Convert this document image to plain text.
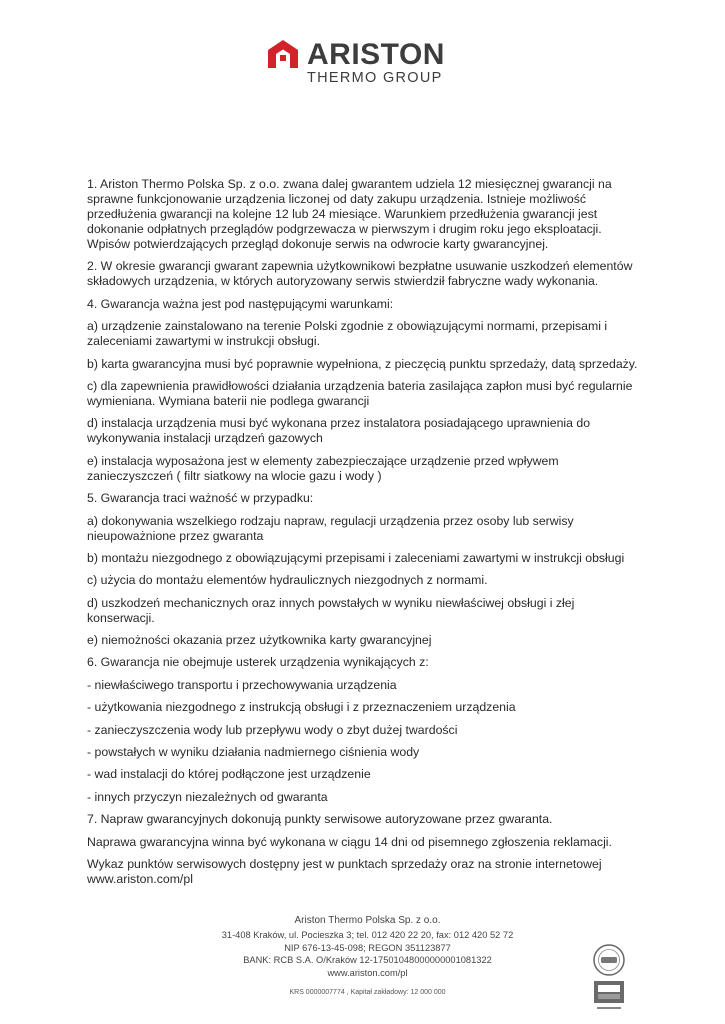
ARISTON
THERMO GROUP

1. Ariston Thermo Polska Sp. z o.o. zwana dalej gwarantem udziela 12 miesięcznej gwarancji na sprawne funkcjonowanie urządzenia liczonej od daty zakupu urządzenia. Istnieje możliwość przedłużenia gwarancji na kolejne 12 lub 24 miesiące. Warunkiem przedłużenia gwarancji jest dokonanie odpłatnych przeglądów podgrzewacza w pierwszym i drugim roku jego eksploatacji. Wpisów potwierdzających przegląd dokonuje serwis na odwrocie karty gwarancyjnej.

2. W okresie gwarancji gwarant zapewnia użytkownikowi bezpłatne usuwanie uszkodzeń elementów składowych urządzenia, w których autoryzowany serwis stwierdził fabryczne wady wykonania.

4. Gwarancja ważna jest pod następującymi warunkami:

a) urządzenie zainstalowano na terenie Polski zgodnie z obowiązującymi normami, przepisami i zaleceniami zawartymi w instrukcji obsługi.

b) karta gwarancyjna musi być poprawnie wypełniona, z pieczęcią punktu sprzedaży, datą sprzedaży.

c) dla zapewnienia prawidłowości działania urządzenia bateria zasilająca zapłon musi być regularnie wymieniana. Wymiana baterii nie podlega gwarancji

d) instalacja urządzenia musi być wykonana przez instalatora posiadającego uprawnienia do wykonywania instalacji urządzeń gazowych

e) instalacja wyposażona jest w elementy zabezpieczające urządzenie przed wpływem zanieczyszczeń ( filtr siatkowy na wlocie gazu i wody )

5. Gwarancja traci ważność w przypadku:

a) dokonywania wszelkiego rodzaju napraw, regulacji urządzenia przez osoby lub serwisy nieupoważnione przez gwaranta

b) montażu niezgodnego z obowiązującymi przepisami i zaleceniami zawartymi w instrukcji obsługi

c) użycia do montażu elementów hydraulicznych niezgodnych z normami.

d) uszkodzeń mechanicznych oraz innych powstałych w wyniku niewłaściwej obsługi i złej konserwacji.

e) niemożności okazania przez użytkownika karty gwarancyjnej

6. Gwarancja nie obejmuje usterek urządzenia wynikających z:

- niewłaściwego transportu i przechowywania urządzenia

- użytkowania niezgodnego z instrukcją obsługi i z przeznaczeniem urządzenia

- zanieczyszczenia wody lub przepływu wody o zbyt dużej twardości

- powstałych w wyniku działania nadmiernego ciśnienia wody

- wad instalacji do której podłączone jest urządzenie

- innych przyczyn niezależnych od gwaranta

7. Napraw gwarancyjnych dokonują punkty serwisowe autoryzowane przez gwaranta.

Naprawa gwarancyjna winna być wykonana w ciągu 14 dni od pisemnego zgłoszenia reklamacji.

Wykaz punktów serwisowych dostępny jest w punktach sprzedaży oraz na stronie internetowej www.ariston.com/pl

Ariston Thermo Polska Sp. z o.o.
31-408 Kraków, ul. Pocieszka 3; tel. 012 420 22 20, fax: 012 420 52 72
NIP 676-13-45-098; REGON 351123877
BANK: RCB S.A. O/Kraków 12-17501048000000001081322
www.ariston.com/pl
KRS 0000007774 , Kapitał zakładowy: 12 000 000
